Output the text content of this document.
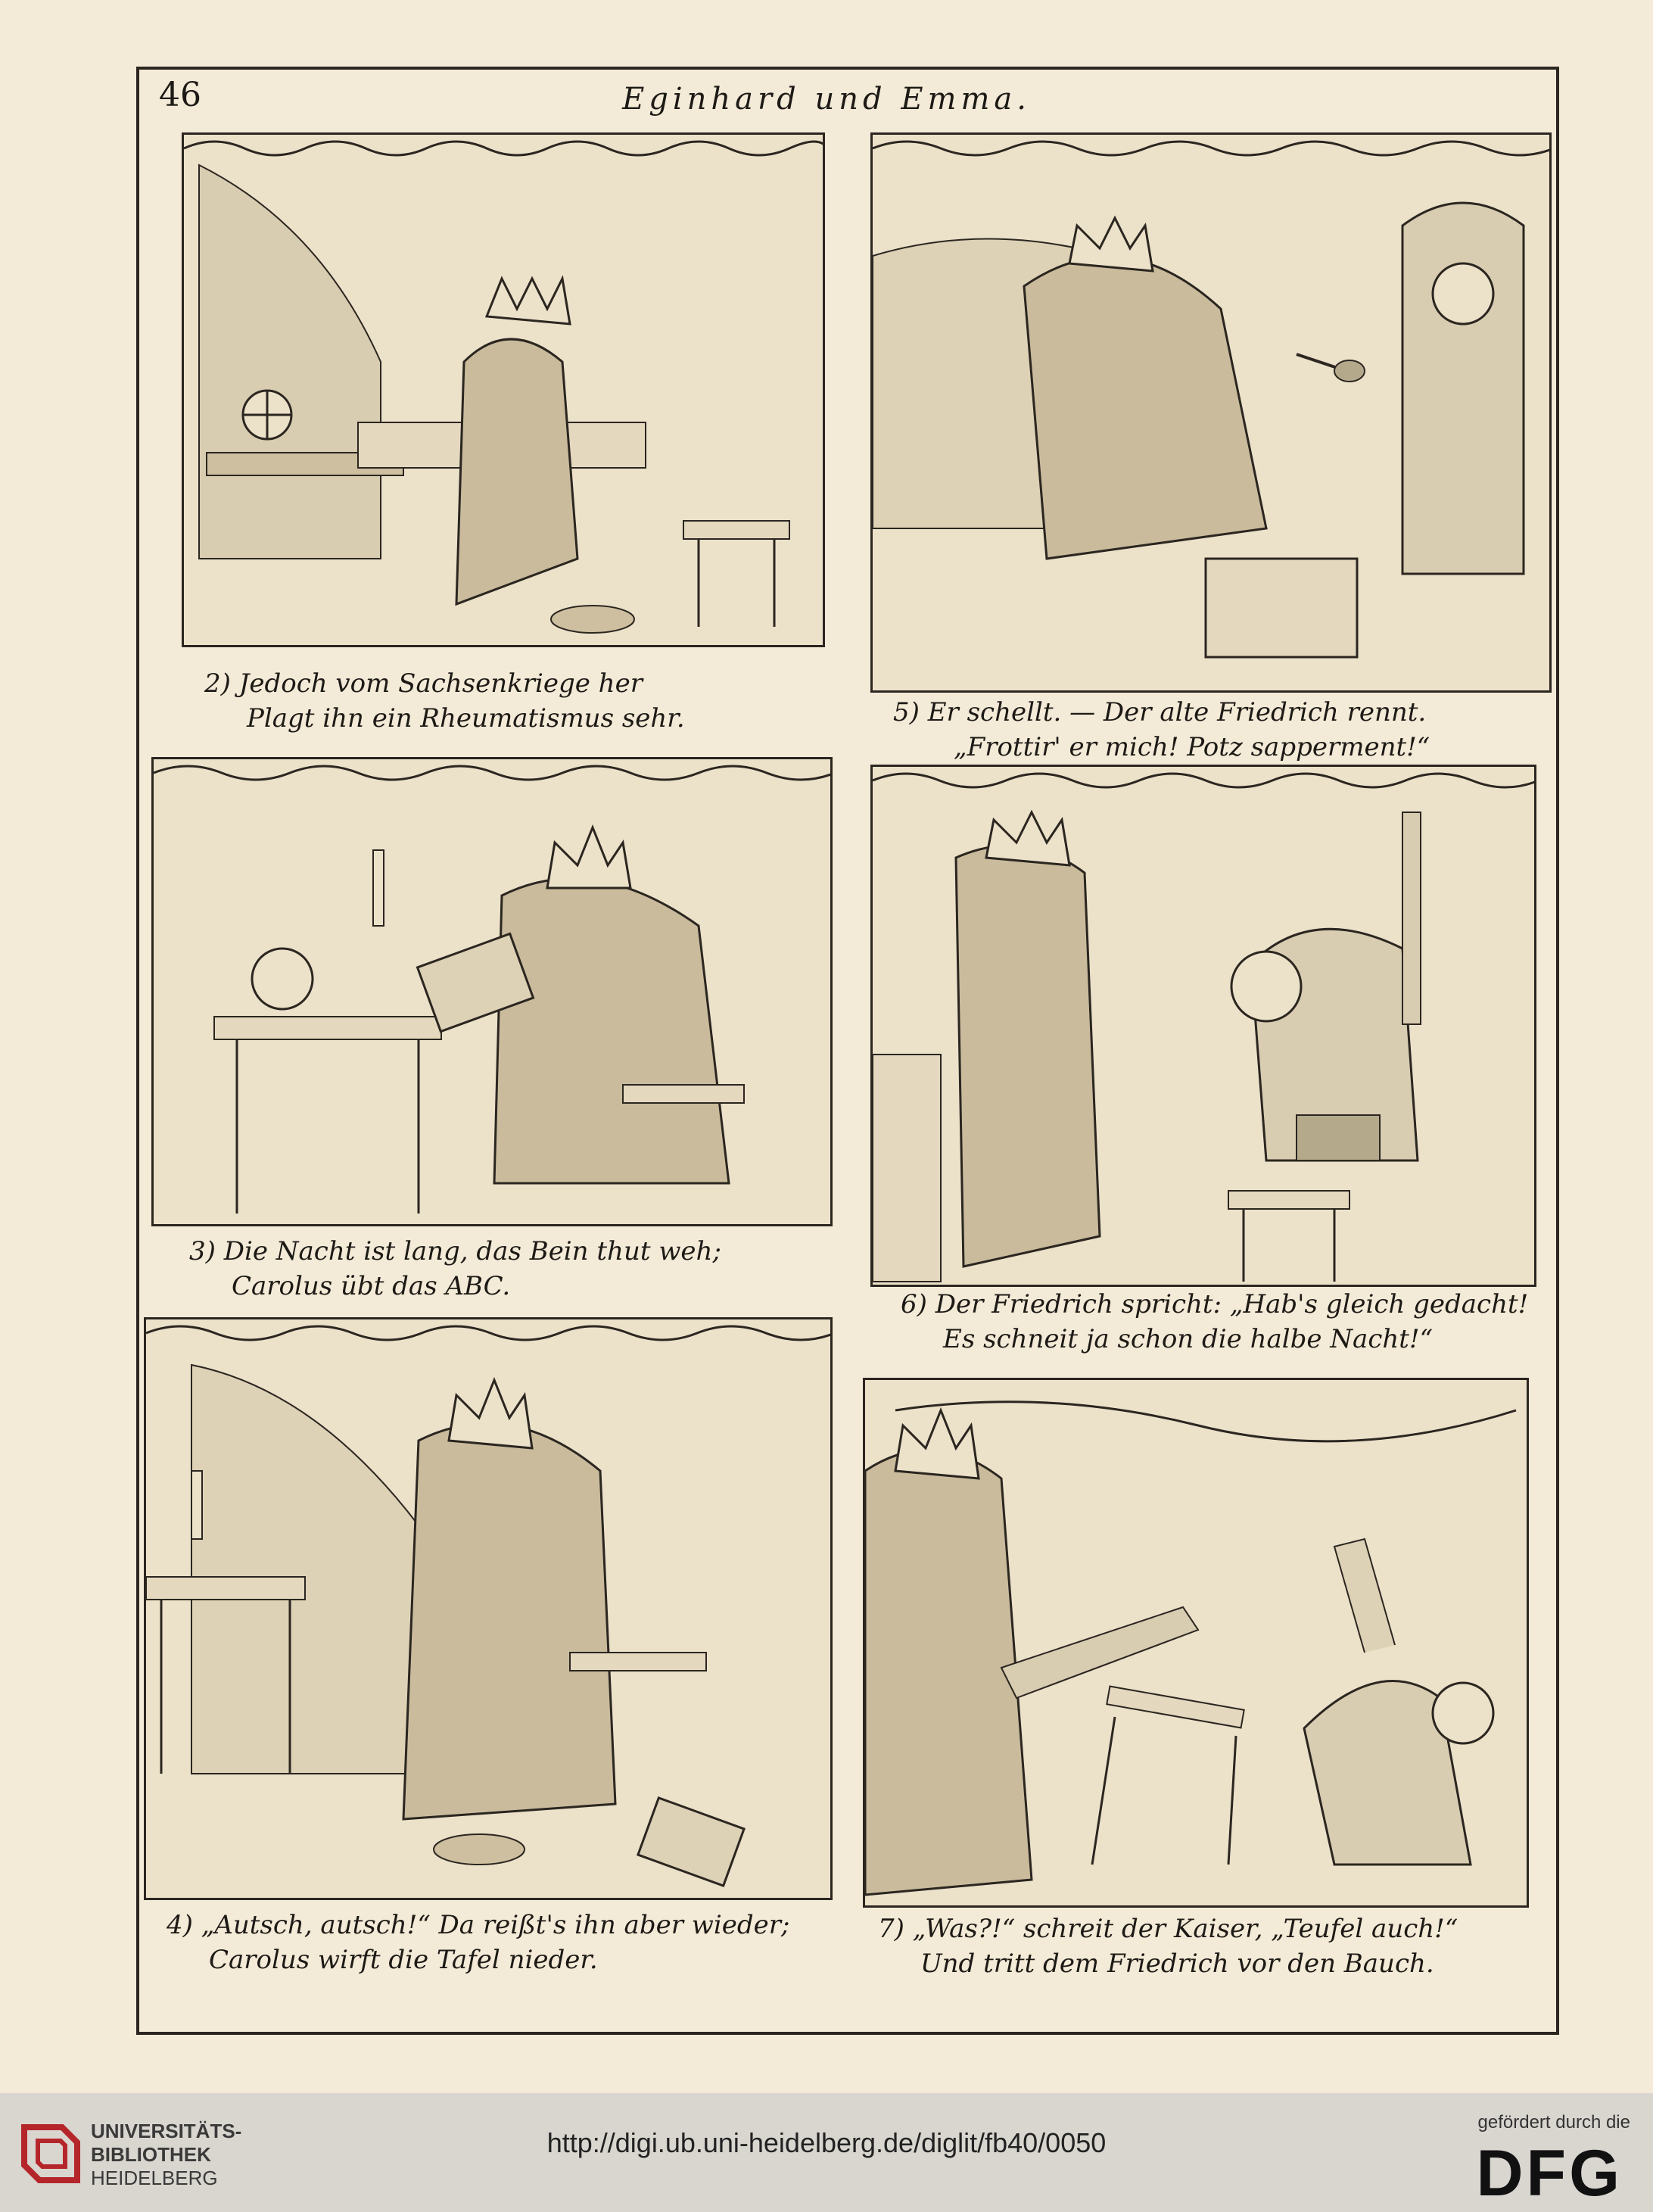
46	Eginhard und Emma.
2) Jedoch vom Sachsenkriege her
Plagt ihn ein Rheumatismus sehr.	5) Er schellt. — Der alte Friedrich rennt.
„Frottir' er mich! Potz sapperment!“
3) Die Nacht ist lang, das Bein thut weh;
Carolus übt das ABC.
6) Der Friedrich spricht: „Hab's gleich gedacht!
Es schneit ja schon die halbe Nacht!“
4) „Autsch, autsch!“ Da reißt's ihn aber wieder;
Carolus wirft die Tafel nieder.
7) „Was?!“ schreit der Kaiser, „Teufel auch!“
Und tritt dem Friedrich vor den Bauch.
UNIVERSITÄTS-
BIBLIOTHEK
HEIDELBERG
http://digi.ub.uni-heidelberg.de/diglit/fb40/0050
gefördert durch die
DFG
